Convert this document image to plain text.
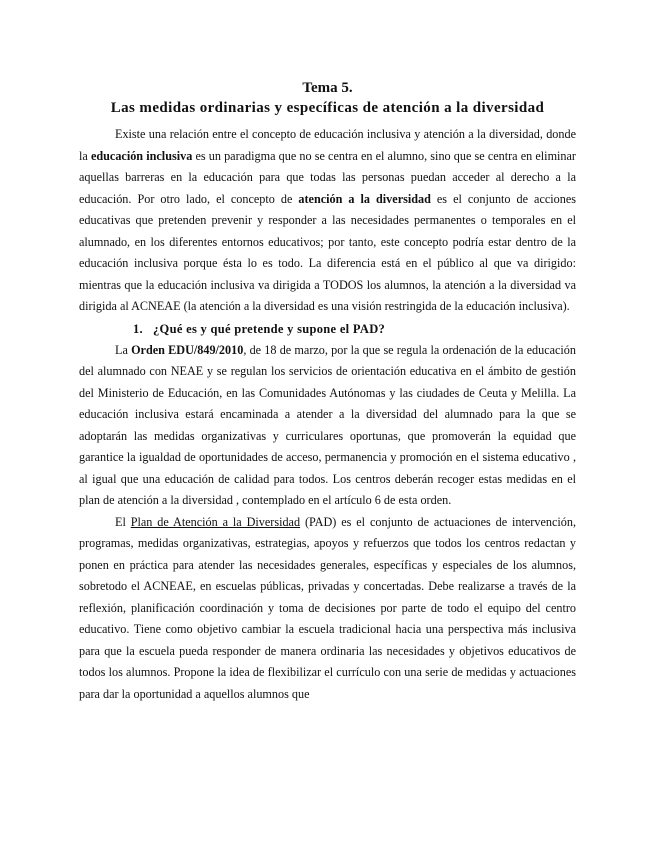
Tema 5.
Las medidas ordinarias y específicas de atención a la diversidad

Existe una relación entre el concepto de educación inclusiva y atención a la diversidad, donde la educación inclusiva es un paradigma que no se centra en el alumno, sino que se centra en eliminar aquellas barreras en la educación para que todas las personas puedan acceder al derecho a la educación. Por otro lado, el concepto de atención a la diversidad es el conjunto de acciones educativas que pretenden prevenir y responder a las necesidades permanentes o temporales en el alumnado, en los diferentes entornos educativos; por tanto, este concepto podría estar dentro de la educación inclusiva porque ésta lo es todo. La diferencia está en el público al que va dirigido: mientras que la educación inclusiva va dirigida a TODOS los alumnos, la atención a la diversidad va dirigida al ACNEAE (la atención a la diversidad es una visión restringida de la educación inclusiva).

1. ¿Qué es y qué pretende y supone el PAD?

La Orden EDU/849/2010, de 18 de marzo, por la que se regula la ordenación de la educación del alumnado con NEAE y se regulan los servicios de orientación educativa en el ámbito de gestión del Ministerio de Educación, en las Comunidades Autónomas y las ciudades de Ceuta y Melilla. La educación inclusiva estará encaminada a atender a la diversidad del alumnado para la que se adoptarán las medidas organizativas y curriculares oportunas, que promoverán la equidad que garantice la igualdad de oportunidades de acceso, permanencia y promoción en el sistema educativo , al igual que una educación de calidad para todos. Los centros deberán recoger estas medidas en el plan de atención a la diversidad , contemplado en el artículo 6 de esta orden.

El Plan de Atención a la Diversidad (PAD) es el conjunto de actuaciones de intervención, programas, medidas organizativas, estrategias, apoyos y refuerzos que todos los centros redactan y ponen en práctica para atender las necesidades generales, específicas y especiales de los alumnos, sobretodo el ACNEAE, en escuelas públicas, privadas y concertadas. Debe realizarse a través de la reflexión, planificación coordinación y toma de decisiones por parte de todo el equipo del centro educativo. Tiene como objetivo cambiar la escuela tradicional hacia una perspectiva más inclusiva para que la escuela pueda responder de manera ordinaria las necesidades y objetivos educativos de todos los alumnos. Propone la idea de flexibilizar el currículo con una serie de medidas y actuaciones para dar la oportunidad a aquellos alumnos que
